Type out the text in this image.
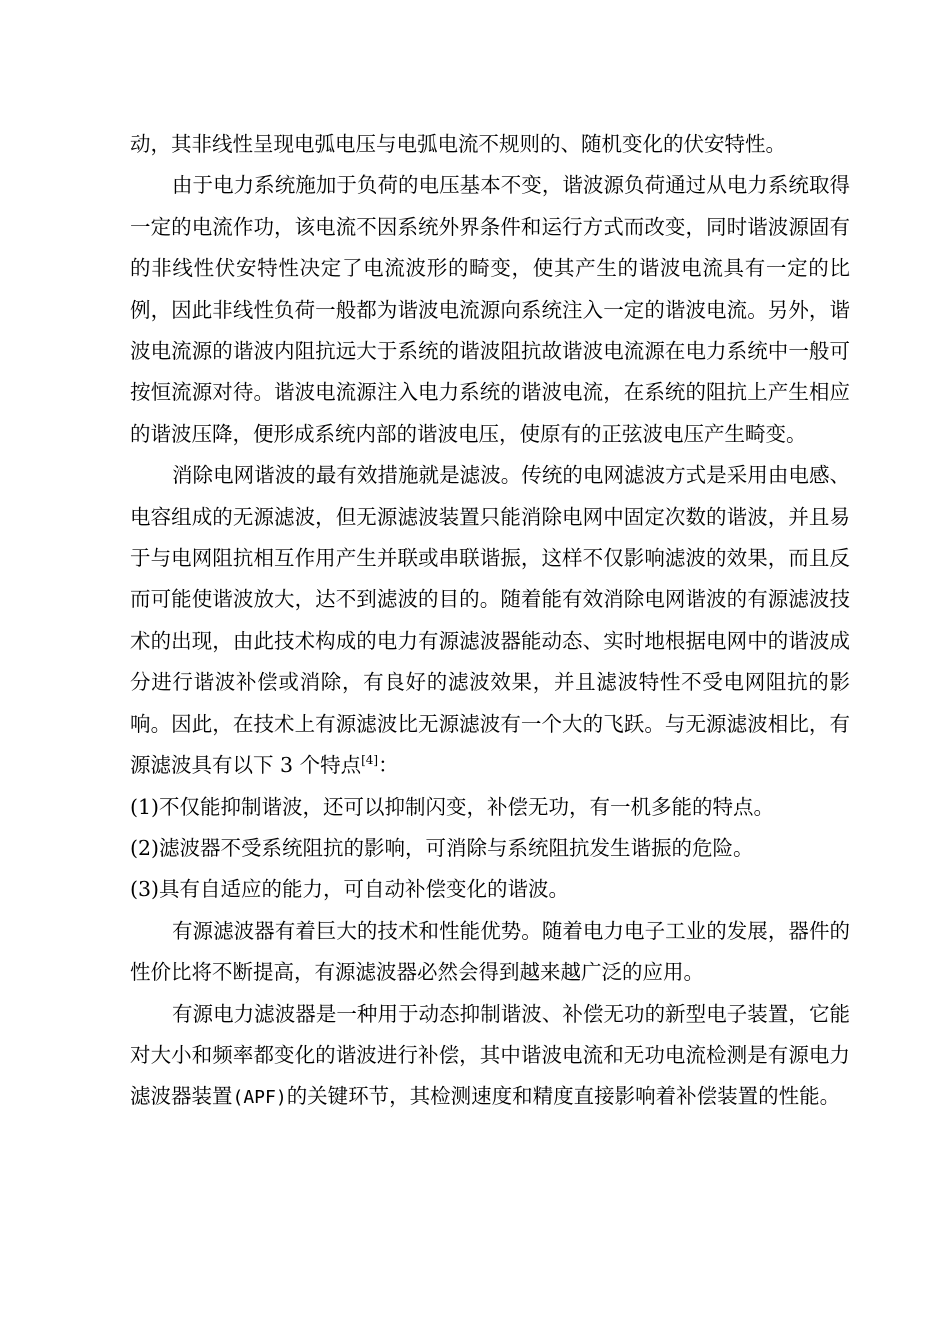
动，其非线性呈现电弧电压与电弧电流不规则的、随机变化的伏安特性。

由于电力系统施加于负荷的电压基本不变，谐波源负荷通过从电力系统取得一定的电流作功，该电流不因系统外界条件和运行方式而改变，同时谐波源固有的非线性伏安特性决定了电流波形的畸变，使其产生的谐波电流具有一定的比例，因此非线性负荷一般都为谐波电流源向系统注入一定的谐波电流。另外，谐波电流源的谐波内阻抗远大于系统的谐波阻抗故谐波电流源在电力系统中一般可按恒流源对待。谐波电流源注入电力系统的谐波电流，在系统的阻抗上产生相应的谐波压降，便形成系统内部的谐波电压，使原有的正弦波电压产生畸变。

消除电网谐波的最有效措施就是滤波。传统的电网滤波方式是采用由电感、电容组成的无源滤波，但无源滤波装置只能消除电网中固定次数的谐波，并且易于与电网阻抗相互作用产生并联或串联谐振，这样不仅影响滤波的效果，而且反而可能使谐波放大，达不到滤波的目的。随着能有效消除电网谐波的有源滤波技术的出现，由此技术构成的电力有源滤波器能动态、实时地根据电网中的谐波成分进行谐波补偿或消除，有良好的滤波效果，并且滤波特性不受电网阻抗的影响。因此，在技术上有源滤波比无源滤波有一个大的飞跃。与无源滤波相比，有源滤波具有以下 3 个特点[4]：

(1)不仅能抑制谐波，还可以抑制闪变，补偿无功，有一机多能的特点。

(2)滤波器不受系统阻抗的影响，可消除与系统阻抗发生谐振的危险。

(3)具有自适应的能力，可自动补偿变化的谐波。

有源滤波器有着巨大的技术和性能优势。随着电力电子工业的发展，器件的性价比将不断提高，有源滤波器必然会得到越来越广泛的应用。

有源电力滤波器是一种用于动态抑制谐波、补偿无功的新型电子装置，它能对大小和频率都变化的谐波进行补偿，其中谐波电流和无功电流检测是有源电力滤波器装置(APF)的关键环节，其检测速度和精度直接影响着补偿装置的性能。
